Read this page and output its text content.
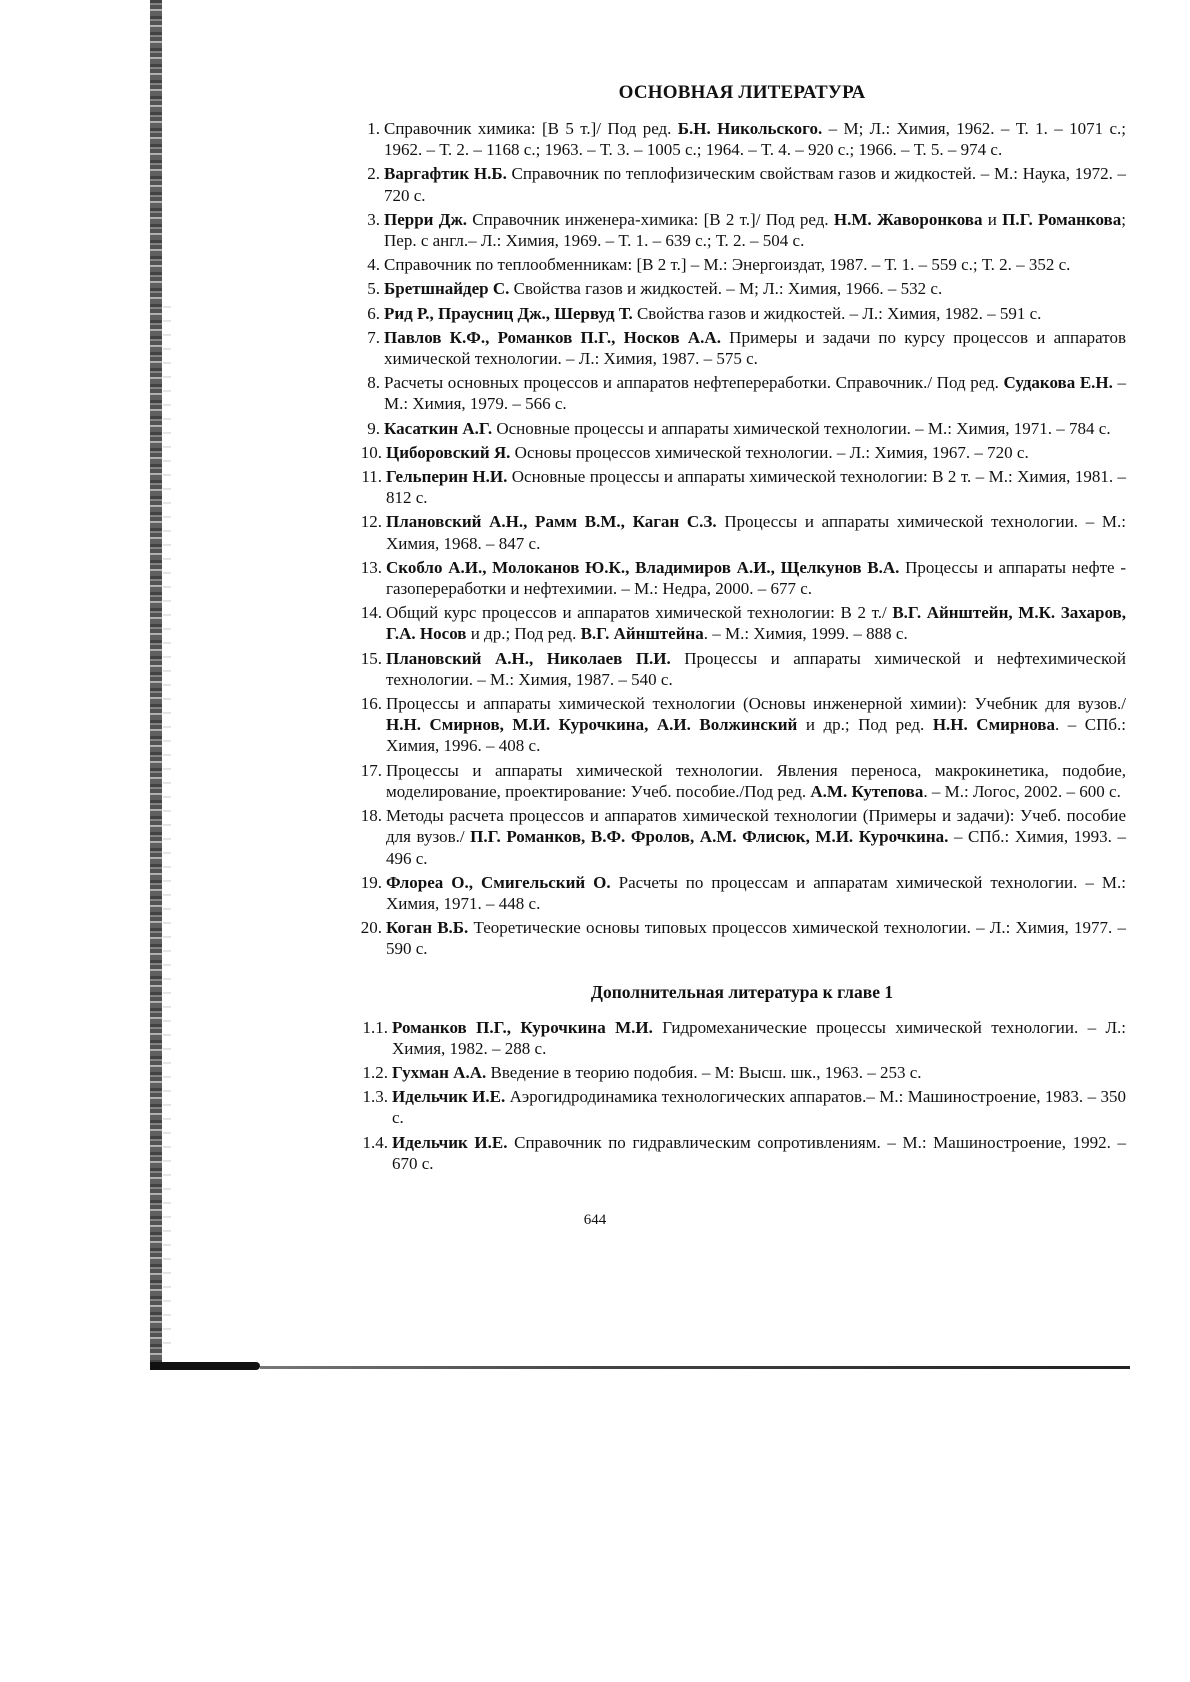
ОСНОВНАЯ ЛИТЕРАТУРА
1. Справочник химика: [В 5 т.]/ Под ред. Б.Н. Никольского. – М; Л.: Химия, 1962. – Т. 1. – 1071 с.; 1962. – Т. 2. – 1168 с.; 1963. – Т. 3. – 1005 с.; 1964. – Т. 4. – 920 с.; 1966. – Т. 5. – 974 с.
2. Варгафтик Н.Б. Справочник по теплофизическим свойствам газов и жидкостей. – М.: Наука, 1972. – 720 с.
3. Перри Дж. Справочник инженера-химика: [В 2 т.]/ Под ред. Н.М. Жаворонкова и П.Г. Романкова; Пер. с англ.– Л.: Химия, 1969. – Т. 1. – 639 с.; Т. 2. – 504 с.
4. Справочник по теплообменникам: [В 2 т.] – М.: Энергоиздат, 1987. – Т. 1. – 559 с.; Т. 2. – 352 с.
5. Бретшнайдер С. Свойства газов и жидкостей. – М; Л.: Химия, 1966. – 532 с.
6. Рид Р., Праусниц Дж., Шервуд Т. Свойства газов и жидкостей. – Л.: Химия, 1982. – 591 с.
7. Павлов К.Ф., Романков П.Г., Носков А.А. Примеры и задачи по курсу процессов и аппаратов химической технологии. – Л.: Химия, 1987. – 575 с.
8. Расчеты основных процессов и аппаратов нефтепереработки. Справочник./ Под ред. Судакова Е.Н. – М.: Химия, 1979. – 566 с.
9. Касаткин А.Г. Основные процессы и аппараты химической технологии. – М.: Химия, 1971. – 784 с.
10. Циборовский Я. Основы процессов химической технологии. – Л.: Химия, 1967. – 720 с.
11. Гельперин Н.И. Основные процессы и аппараты химической технологии: В 2 т. – М.: Химия, 1981. – 812 с.
12. Плановский А.Н., Рамм В.М., Каган С.З. Процессы и аппараты химической технологии. – М.: Химия, 1968. – 847 с.
13. Скобло А.И., Молоканов Ю.К., Владимиров А.И., Щелкунов В.А. Процессы и аппараты нефте - газопереработки и нефтехимии. – М.: Недра, 2000. – 677 с.
14. Общий курс процессов и аппаратов химической технологии: В 2 т./ В.Г. Айнштейн, М.К. Захаров, Г.А. Носов и др.; Под ред. В.Г. Айнштейна. – М.: Химия, 1999. – 888 с.
15. Плановский А.Н., Николаев П.И. Процессы и аппараты химической и нефтехимической технологии. – М.: Химия, 1987. – 540 с.
16. Процессы и аппараты химической технологии (Основы инженерной химии): Учебник для вузов./ Н.Н. Смирнов, М.И. Курочкина, А.И. Волжинский и др.; Под ред. Н.Н. Смирнова. – СПб.: Химия, 1996. – 408 с.
17. Процессы и аппараты химической технологии. Явления переноса, макрокинетика, подобие, моделирование, проектирование: Учеб. пособие./Под ред. А.М. Кутепова. – М.: Логос, 2002. – 600 с.
18. Методы расчета процессов и аппаратов химической технологии (Примеры и задачи): Учеб. пособие для вузов./ П.Г. Романков, В.Ф. Фролов, А.М. Флисюк, М.И. Курочкина. – СПб.: Химия, 1993. – 496 с.
19. Флореа О., Смигельский О. Расчеты по процессам и аппаратам химической технологии. – М.: Химия, 1971. – 448 с.
20. Коган В.Б. Теоретические основы типовых процессов химической технологии. – Л.: Химия, 1977. – 590 с.
Дополнительная литература к главе 1
1.1. Романков П.Г., Курочкина М.И. Гидромеханические процессы химической технологии. – Л.: Химия, 1982. – 288 с.
1.2. Гухман А.А. Введение в теорию подобия. – М: Высш. шк., 1963. – 253 с.
1.3. Идельчик И.Е. Аэрогидродинамика технологических аппаратов.– М.: Машиностроение, 1983. – 350 с.
1.4. Идельчик И.Е. Справочник по гидравлическим сопротивлениям. – М.: Машиностроение, 1992. – 670 с.
644
